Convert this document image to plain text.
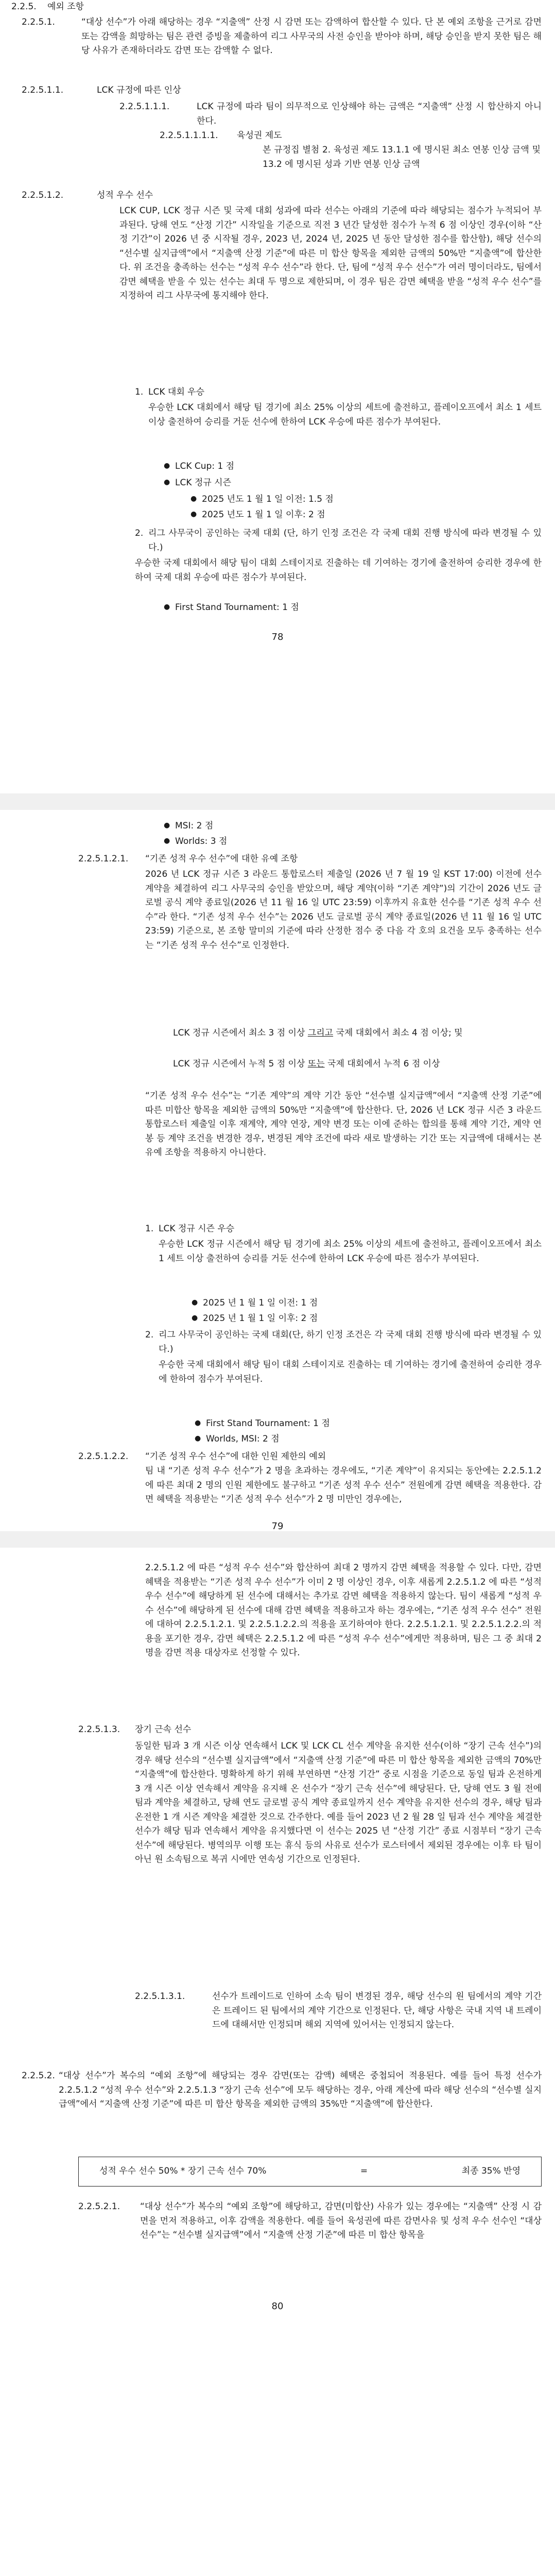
2.2.5. 예외 조항
2.2.5.1.	“대상 선수”가 아래 해당하는 경우 “지출액” 산정 시 감면 또는 감액하여 합산할 수 있다. 단 본 예외 조항을 근거로 감면 또는 감액을 희망하는 팀은 관련 증빙을 제출하여 리그 사무국의 사전 승인을 받아야 하며, 해당 승인을 받지 못한 팀은 해당 사유가 존재하더라도 감면 또는 감액할 수 없다.
2.2.5.1.1.	LCK 규정에 따른 인상
2.2.5.1.1.1.	LCK 규정에 따라 팀이 의무적으로 인상해야 하는 금액은 “지출액” 산정 시 합산하지 아니한다.
2.2.5.1.1.1.1. 육성권 제도
본 규정집 별첨 2. 육성권 제도 13.1.1 에 명시된 최소 연봉 인상 금액 및 13.2 에 명시된 성과 기반 연봉 인상 금액
2.2.5.1.2.	성적 우수 선수
LCK CUP, LCK 정규 시즌 및 국제 대회 성과에 따라 선수는 아래의 기준에 따라 해당되는 점수가 누적되어 부과된다. 당해 연도 “산정 기간” 시작일을 기준으로 직전 3 년간 달성한 점수가 누적 6 점 이상인 경우(이하 “산정 기간”이 2026 년 중 시작될 경우, 2023 년, 2024 년, 2025 년 동안 달성한 점수를 합산함), 해당 선수의 “선수별 실지급액”에서 “지출액 산정 기준”에 따른 미 합산 항목을 제외한 금액의 50%만 “지출액”에 합산한다. 위 조건을 충족하는 선수는 “성적 우수 선수”라 한다. 단, 팀에 “성적 우수 선수”가 여러 명이더라도, 팀에서 감면 혜택을 받을 수 있는 선수는 최대 두 명으로 제한되며, 이 경우 팀은 감면 혜택을 받을 “성적 우수 선수”를 지정하여 리그 사무국에 통지해야 한다.
1. LCK 대회 우승
우승한 LCK 대회에서 해당 팀 경기에 최소 25% 이상의 세트에 출전하고, 플레이오프에서 최소 1 세트 이상 출전하여 승리를 거둔 선수에 한하여 LCK 우승에 따른 점수가 부여된다.
● LCK Cup: 1 점
● LCK 정규 시즌
● 2025 년도 1 월 1 일 이전: 1.5 점
● 2025 년도 1 월 1 일 이후: 2 점
2. 리그 사무국이 공인하는 국제 대회 (단, 하기 인정 조건은 각 국제 대회 진행 방식에 따라 변경될 수 있다.)
우승한 국제 대회에서 해당 팀이 대회 스테이지로 진출하는 데 기여하는 경기에 출전하여 승리한 경우에 한하여 국제 대회 우승에 따른 점수가 부여된다.
● First Stand Tournament: 1 점
78
● MSI: 2 점
● Worlds: 3 점
2.2.5.1.2.1. “기존 성적 우수 선수”에 대한 유예 조항
2026 년 LCK 정규 시즌 3 라운드 통합로스터 제출일 (2026 년 7 월 19 일 KST 17:00) 이전에 선수 계약을 체결하여 리그 사무국의 승인을 받았으며, 해당 계약(이하 “기존 계약”)의 기간이 2026 년도 글로벌 공식 계약 종료일(2026 년 11 월 16 일 UTC 23:59) 이후까지 유효한 선수를 “기존 성적 우수 선수”라 한다. “기존 성적 우수 선수”는 2026 년도 글로벌 공식 계약 종료일(2026 년 11 월 16 일 UTC 23:59) 기준으로, 본 조항 말미의 기준에 따라 산정한 점수 중 다음 각 호의 요건을 모두 충족하는 선수는 “기존 성적 우수 선수”로 인정한다.
● LCK 정규 시즌에서 최소 3 점 이상 그리고 국제 대회에서 최소 4 점 이상; 및
● LCK 정규 시즌에서 누적 5 점 이상 또는 국제 대회에서 누적 6 점 이상
“기존 성적 우수 선수”는 “기존 계약”의 계약 기간 동안 “선수별 실지급액”에서 “지출액 산정 기준”에 따른 미합산 항목을 제외한 금액의 50%만 “지출액”에 합산한다. 단, 2026 년 LCK 정규 시즌 3 라운드 통합로스터 제출일 이후 재계약, 계약 연장, 계약 변경 또는 이에 준하는 합의를 통해 계약 기간, 계약 연봉 등 계약 조건을 변경한 경우, 변경된 계약 조건에 따라 새로 발생하는 기간 또는 지급액에 대해서는 본 유예 조항을 적용하지 아니한다.
1. LCK 정규 시즌 우승
우승한 LCK 정규 시즌에서 해당 팀 경기에 최소 25% 이상의 세트에 출전하고, 플레이오프에서 최소 1 세트 이상 출전하여 승리를 거둔 선수에 한하여 LCK 우승에 따른 점수가 부여된다.
● 2025 년 1 월 1 일 이전: 1 점
● 2025 년 1 월 1 일 이후: 2 점
2. 리그 사무국이 공인하는 국제 대회(단, 하기 인정 조건은 각 국제 대회 진행 방식에 따라 변경될 수 있다.)
우승한 국제 대회에서 해당 팀이 대회 스테이지로 진출하는 데 기여하는 경기에 출전하여 승리한 경우에 한하여 점수가 부여된다.
● First Stand Tournament: 1 점
● Worlds, MSI: 2 점
2.2.5.1.2.2. “기존 성적 우수 선수”에 대한 인원 제한의 예외
팀 내 “기존 성적 우수 선수”가 2 명을 초과하는 경우에도, “기존 계약”이 유지되는 동안에는 2.2.5.1.2 에 따른 최대 2 명의 인원 제한에도 불구하고 “기존 성적 우수 선수” 전원에게 감면 혜택을 적용한다. 감면 혜택을 적용받는 “기존 성적 우수 선수”가 2 명 미만인 경우에는,
79
2.2.5.1.2 에 따른 “성적 우수 선수”와 합산하여 최대 2 명까지 감면 혜택을 적용할 수 있다. 다만, 감면 혜택을 적용받는 “기존 성적 우수 선수”가 이미 2 명 이상인 경우, 이후 새롭게 2.2.5.1.2 에 따른 “성적 우수 선수”에 해당하게 된 선수에 대해서는 추가로 감면 혜택을 적용하지 않는다. 팀이 새롭게 “성적 우수 선수”에 해당하게 된 선수에 대해 감면 혜택을 적용하고자 하는 경우에는, “기존 성적 우수 선수” 전원에 대하여 2.2.5.1.2.1. 및 2.2.5.1.2.2.의 적용을 포기하여야 한다. 2.2.5.1.2.1. 및 2.2.5.1.2.2.의 적용을 포기한 경우, 감면 혜택은 2.2.5.1.2 에 따른 “성적 우수 선수”에게만 적용하며, 팀은 그 중 최대 2 명을 감면 적용 대상자로 선정할 수 있다.
2.2.5.1.3. 장기 근속 선수
동일한 팀과 3 개 시즌 이상 연속해서 LCK 및 LCK CL 선수 계약을 유지한 선수(이하 “장기 근속 선수”)의 경우 해당 선수의 “선수별 실지급액”에서 “지출액 산정 기준”에 따른 미 합산 항목을 제외한 금액의 70%만 “지출액”에 합산한다. 명확하게 하기 위해 부연하면 “산정 기간” 중로 시점을 기준으로 동일 팀과 온전하게 3 개 시즌 이상 연속해서 계약을 유지해 온 선수가 “장기 근속 선수”에 해당된다. 단, 당해 연도 3 월 전에 팀과 계약을 체결하고, 당해 연도 글로벌 공식 계약 종료일까지 선수 계약을 유지한 선수의 경우, 해당 팀과 온전한 1 개 시즌 계약을 체결한 것으로 간주한다. 예를 들어 2023 년 2 월 28 일 팀과 선수 계약을 체결한 선수가 해당 팀과 연속해서 계약을 유지했다면 이 선수는 2025 년 “산정 기간” 종료 시점부터 “장기 근속 선수”에 해당된다. 병역의무 이행 또는 휴식 등의 사유로 선수가 로스터에서 제외된 경우에는 이후 타 팀이 아닌 원 소속팀으로 복귀 시에만 연속성 기간으로 인정된다.
2.2.5.1.3.1.	선수가 트레이드로 인하여 소속 팀이 변경된 경우, 해당 선수의 원 팀에서의 계약 기간은 트레이드 된 팀에서의 계약 기간으로 인정된다. 단, 해당 사항은 국내 지역 내 트레이드에 대해서만 인정되며 해외 지역에 있어서는 인정되지 않는다.
2.2.5.2. “대상 선수”가 복수의 “예외 조항”에 해당되는 경우 감면(또는 감액) 혜택은 중첩되어 적용된다. 예를 들어 특정 선수가 2.2.5.1.2 “성적 우수 선수”와 2.2.5.1.3 “장기 근속 선수”에 모두 해당하는 경우, 아래 계산에 따라 해당 선수의 “선수별 실지급액”에서 “지출액 산정 기준”에 따른 미 합산 항목을 제외한 금액의 35%만 “지출액”에 합산한다.
성적 우수 선수 50% * 장기 근속 선수 70%	=	최종 35% 반영
2.2.5.2.1. “대상 선수”가 복수의 “예외 조항”에 해당하고, 감면(미합산) 사유가 있는 경우에는 “지출액” 산정 시 감면을 먼저 적용하고, 이후 감액을 적용한다. 예를 들어 육성권에 따른 감면사유 및 성적 우수 선수인 “대상 선수”는 “선수별 실지급액”에서 “지출액 산정 기준”에 따른 미 합산 항목을
80
